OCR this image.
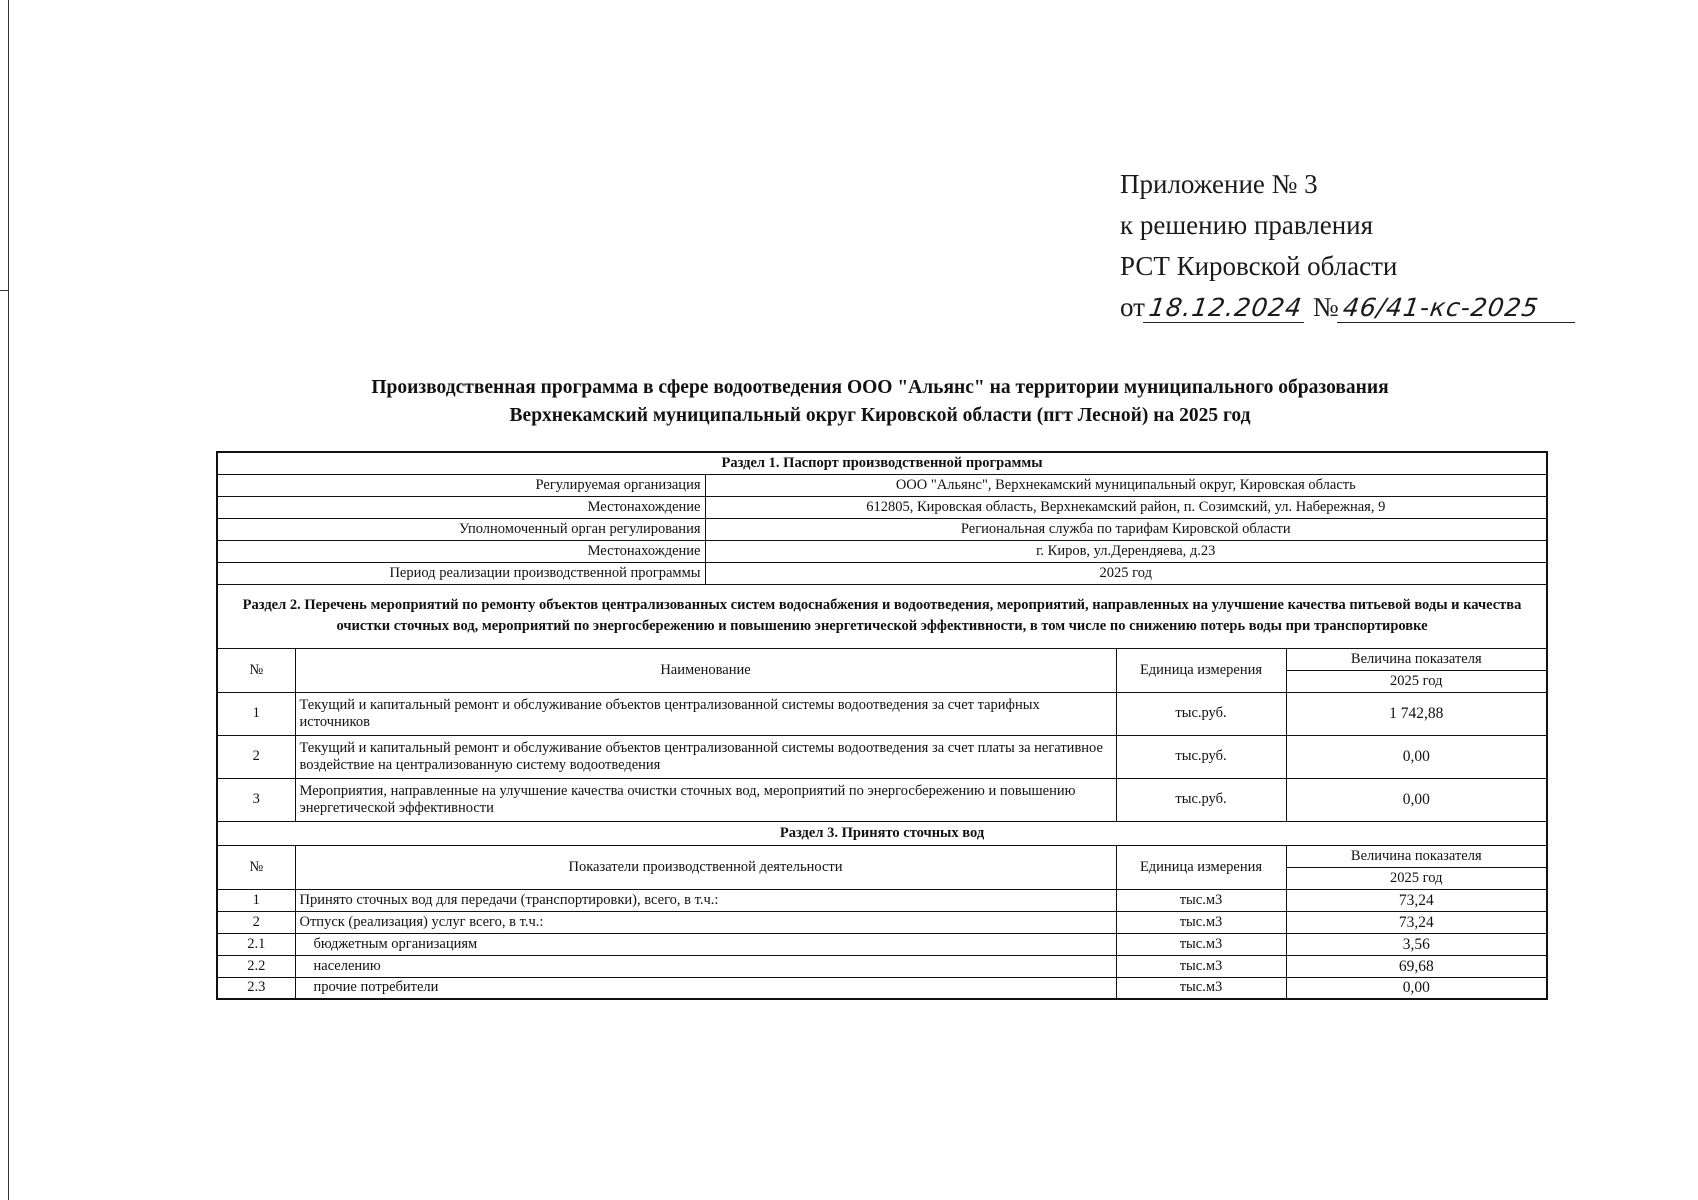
Приложение № 3
к решению правления
РСТ Кировской области
от18.12.2024 №46/41-кс-2025
Производственная программа в сфере водоотведения ООО "Альянс" на территории муниципального образования
Верхнекамский муниципальный округ Кировской области (пгт Лесной) на 2025 год
Раздел 1. Паспорт производственной программы				
Регулируемая организация		ООО "Альянс", Верхнекамский муниципальный округ, Кировская область		
Местонахождение		612805, Кировская область, Верхнекамский район, п. Созимский, ул. Набережная, 9		
Уполномоченный орган регулирования		Региональная служба по тарифам Кировской области		
Местонахождение		г. Киров, ул.Дерендяева, д.23		
Период реализации производственной программы		2025 год		
Раздел 2. Перечень мероприятий по ремонту объектов централизованных систем водоснабжения и водоотведения, мероприятий, направленных на улучшение качества питьевой воды и качества очистки сточных вод, мероприятий по энергосбережению и повышению энергетической эффективности, в том числе по снижению потерь воды при транспортировке				
№	Наименование		Единица измерения	Величина показателя
				2025 год
1	Текущий и капитальный ремонт и обслуживание объектов централизованной системы водоотведения за счет тарифных источников		тыс.руб.	1 742,88
2	Текущий и капитальный ремонт и обслуживание объектов централизованной системы водоотведения за счет платы за негативное воздействие на централизованную систему водоотведения		тыс.руб.	0,00
3	Мероприятия, направленные на улучшение качества очистки сточных вод, мероприятий по энергосбережению и повышению энергетической эффективности		тыс.руб.	0,00
Раздел 3. Принято сточных вод				
№	Показатели производственной деятельности		Единица измерения	Величина показателя
				2025 год
1	Принято сточных вод для передачи (транспортировки), всего, в т.ч.:		тыс.м3	73,24
2	Отпуск (реализация) услуг всего, в т.ч.:		тыс.м3	73,24
2.1	бюджетным организациям		тыс.м3	3,56
2.2	населению		тыс.м3	69,68
2.3	прочие потребители		тыс.м3	0,00
